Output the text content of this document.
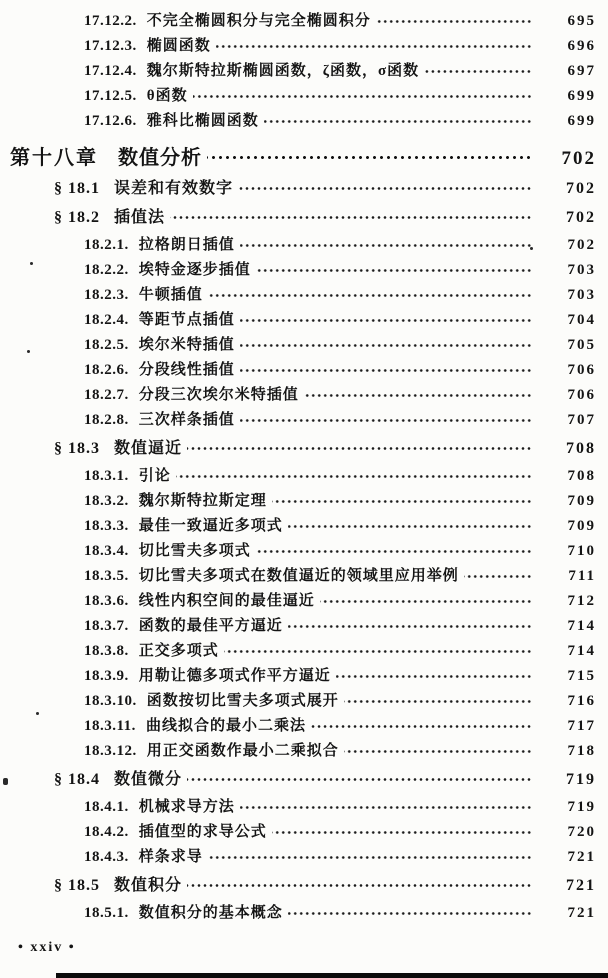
17.12.2. 不完全椭圆积分与完全椭圆积分	695
17.12.3. 椭圆函数	696
17.12.4. 魏尔斯特拉斯椭圆函数，ζ函数，σ函数	697
17.12.5. θ函数	699
17.12.6. 雅科比椭圆函数	699
第十八章 数值分析	702
§ 18.1 误差和有效数字	702
§ 18.2 插值法	702
18.2.1. 拉格朗日插值	702
18.2.2. 埃特金逐步插值	703
18.2.3. 牛顿插值	703
18.2.4. 等距节点插值	704
18.2.5. 埃尔米特插值	705
18.2.6. 分段线性插值	706
18.2.7. 分段三次埃尔米特插值	706
18.2.8. 三次样条插值	707
§ 18.3 数值逼近	708
18.3.1. 引论	708
18.3.2. 魏尔斯特拉斯定理	709
18.3.3. 最佳一致逼近多项式	709
18.3.4. 切比雪夫多项式	710
18.3.5. 切比雪夫多项式在数值逼近的领域里应用举例	711
18.3.6. 线性内积空间的最佳逼近	712
18.3.7. 函数的最佳平方逼近	714
18.3.8. 正交多项式	714
18.3.9. 用勒让德多项式作平方逼近	715
18.3.10. 函数按切比雪夫多项式展开	716
18.3.11. 曲线拟合的最小二乘法	717
18.3.12. 用正交函数作最小二乘拟合	718
§ 18.4 数值微分	719
18.4.1. 机械求导方法	719
18.4.2. 插值型的求导公式	720
18.4.3. 样条求导	721
§ 18.5 数值积分	721
18.5.1. 数值积分的基本概念	721
• xxiv •
